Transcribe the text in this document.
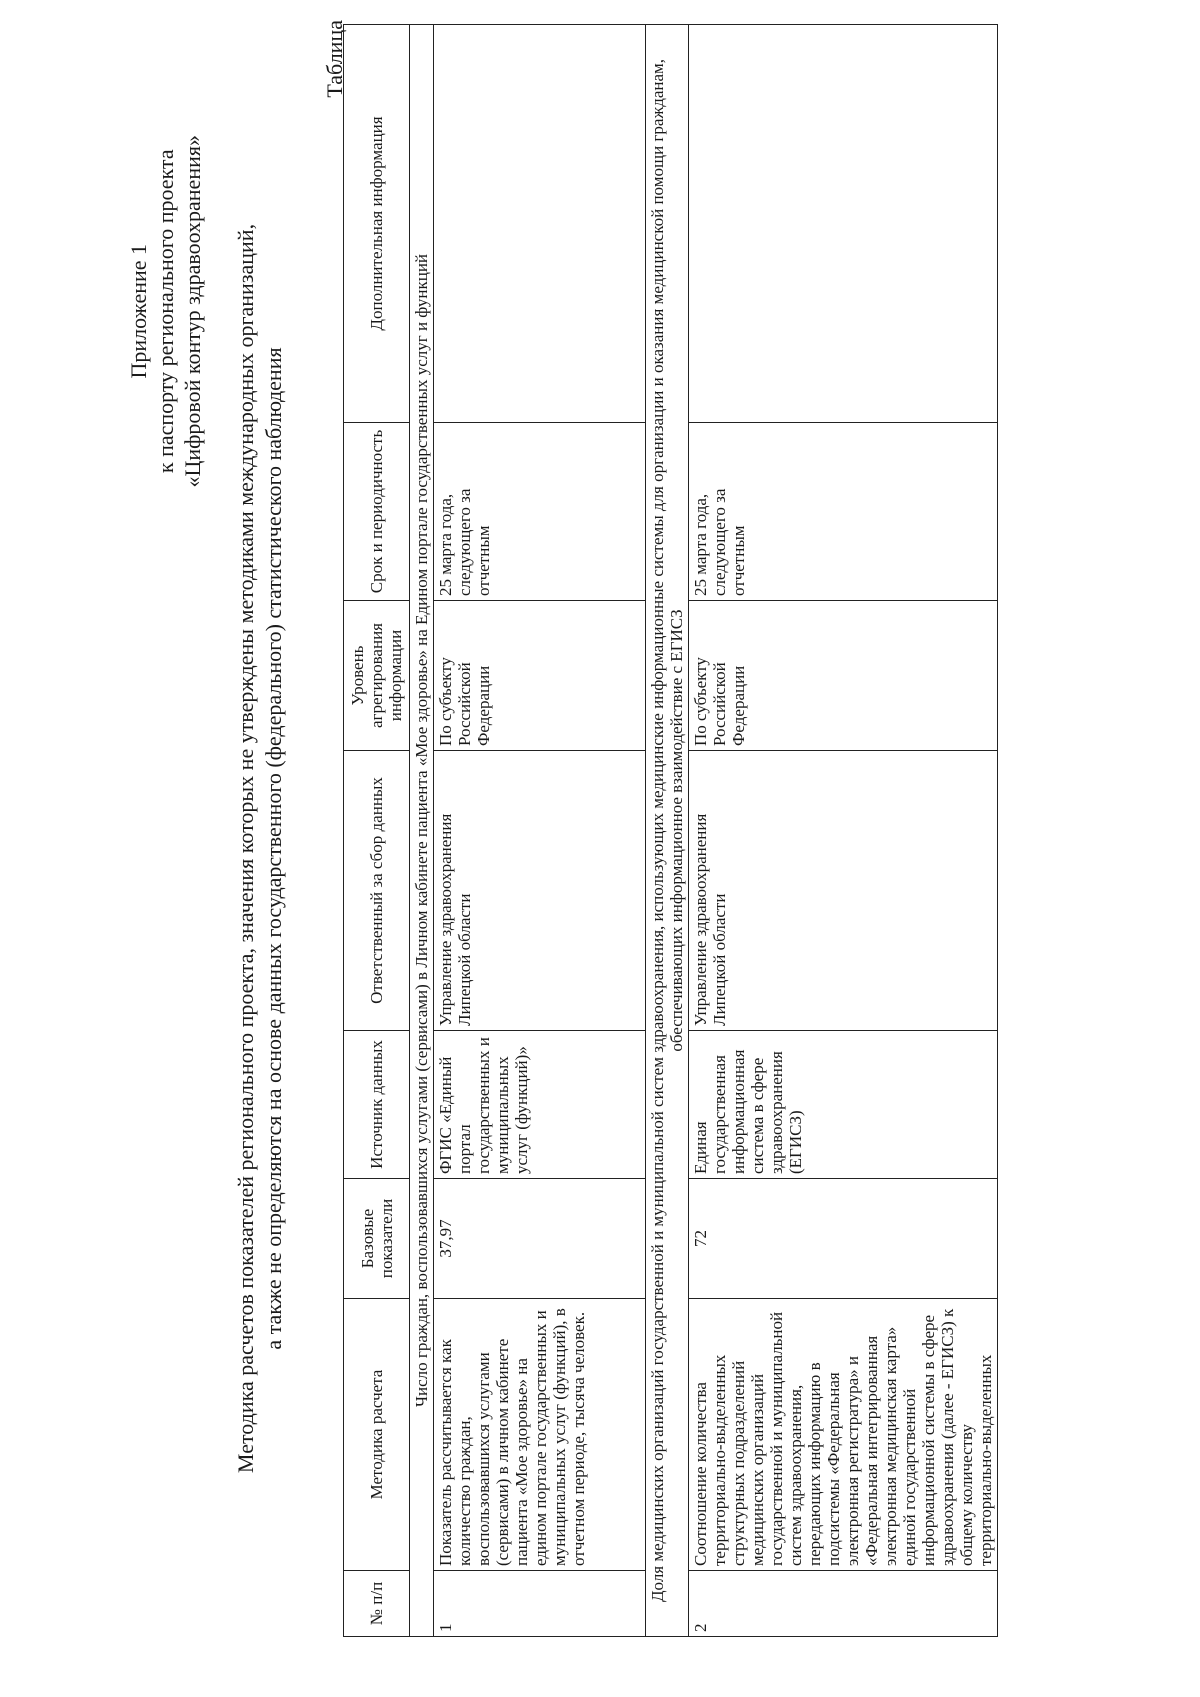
Приложение 1 к паспорту регионального проекта «Цифровой контур здравоохранения» Методика расчетов показателей регионального проекта, значения которых не утверждены методиками международных организаций, а также не определяются на основе данных государственного (федерального) статистического наблюдения
Таблица
№ п/п	Методика расчета	Базовые показатели	Источник данных	Ответственный за сбор данных	Уровень агрегирования информации	Срок и периодичность	Дополнительная информация
Число граждан, воспользовавшихся услугами (сервисами) в Личном кабинете пациента «Мое здоровье» на Едином портале государственных услуг и функций							
1	Показатель рассчитывается как количество граждан, воспользовавшихся услугами (сервисами) в личном кабинете пациента «Мое здоровье» на едином портале государственных и муниципальных услуг (функций), в отчетном периоде, тысяча человек.	37,97	ФГИС «Единый портал государственных и муниципальных услуг (функций)»	Управление здравоохранения Липецкой области	По субъекту Российской Федерации	25 марта года, следующего за отчетным	
Доля медицинских организаций государственной и муниципальной систем здравоохранения, использующих медицинские информационные системы для организации и оказания медицинской помощи гражданам, обеспечивающих информационное взаимодействие с ЕГИСЗ							
2	Соотношение количества территориально-выделенных структурных подразделений медицинских организаций государственной и муниципальной систем здравоохранения, передающих информацию в подсистемы «Федеральная электронная регистратура» и «Федеральная интегрированная электронная медицинская карта» единой государственной информационной системы в сфере здравоохранения (далее - ЕГИСЗ) к общему количеству территориально-выделенных	72	Единая государственная информационная система в сфере здравоохранения (ЕГИСЗ)	Управление здравоохранения Липецкой области	По субъекту Российской Федерации	25 марта года, следующего за отчетным	
